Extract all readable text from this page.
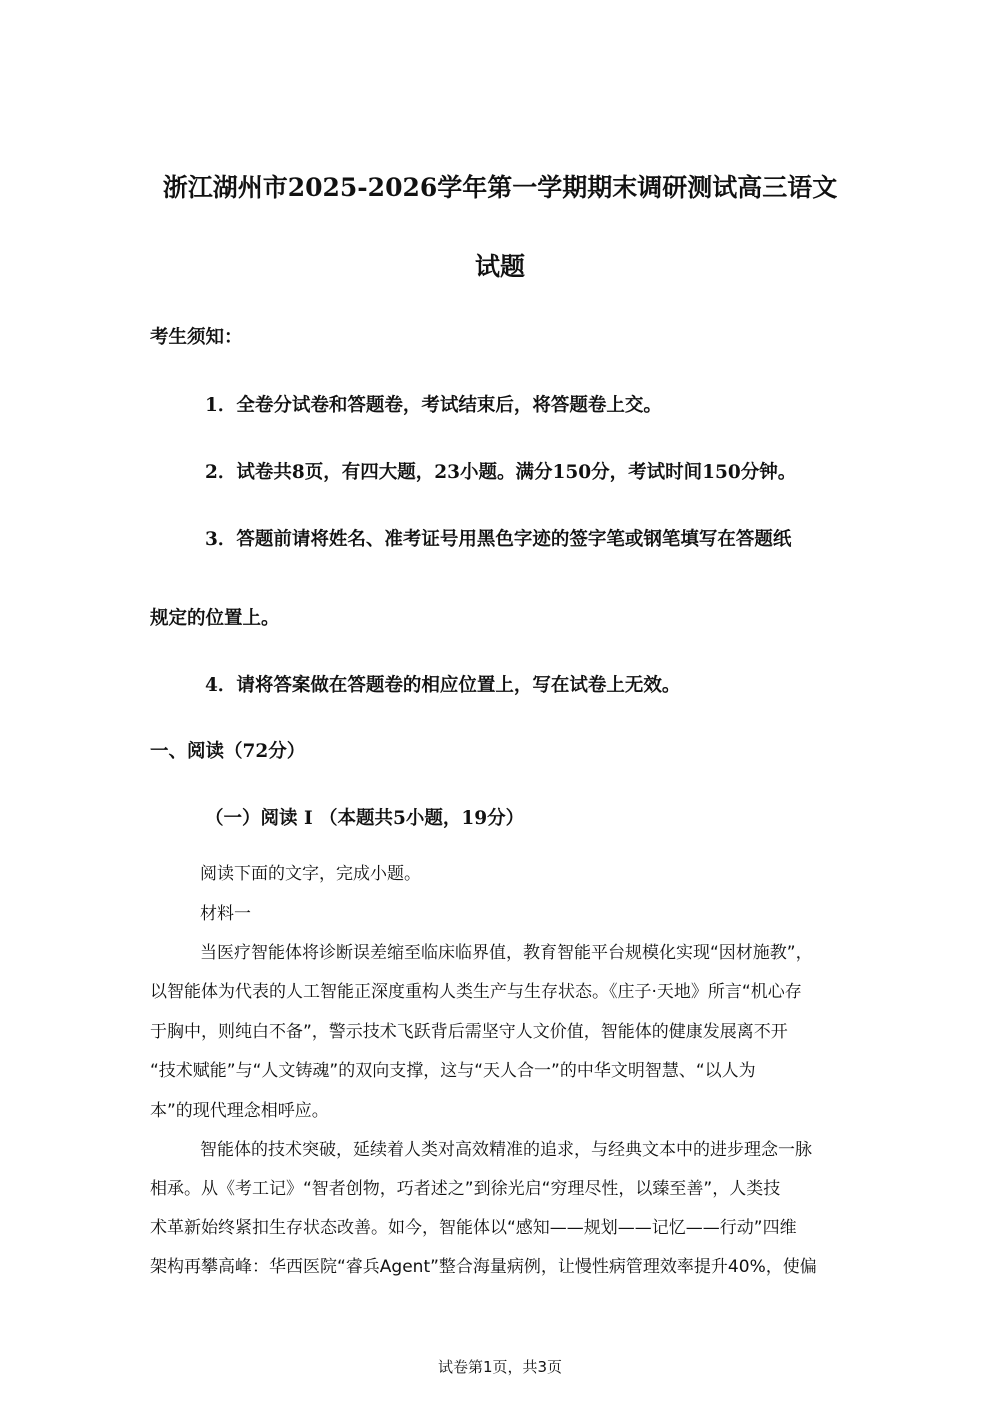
浙江湖州市2025-2026学年第一学期期末调研测试高三语文
试题
考生须知：
1．全卷分试卷和答题卷，考试结束后，将答题卷上交。
2．试卷共8页，有四大题，23小题。满分150分，考试时间150分钟。
3．答题前请将姓名、准考证号用黑色字迹的签字笔或钢笔填写在答题纸
规定的位置上。
4．请将答案做在答题卷的相应位置上，写在试卷上无效。
一、阅读（72分）
（一）阅读 I （本题共5小题，19分）
阅读下面的文字，完成小题。
材料一
当医疗智能体将诊断误差缩至临床临界值，教育智能平台规模化实现“因材施教”，
以智能体为代表的人工智能正深度重构人类生产与生存状态。《庄子·天地》所言“机心存
于胸中，则纯白不备”，警示技术飞跃背后需坚守人文价值，智能体的健康发展离不开
“技术赋能”与“人文铸魂”的双向支撑，这与“天人合一”的中华文明智慧、“以人为
本”的现代理念相呼应。
智能体的技术突破，延续着人类对高效精准的追求，与经典文本中的进步理念一脉
相承。从《考工记》“智者创物，巧者述之”到徐光启“穷理尽性，以臻至善”，人类技
术革新始终紧扣生存状态改善。如今，智能体以“感知——规划——记忆——行动”四维
架构再攀高峰：华西医院“睿兵Agent”整合海量病例，让慢性病管理效率提升40%，使偏
试卷第1页，共3页
